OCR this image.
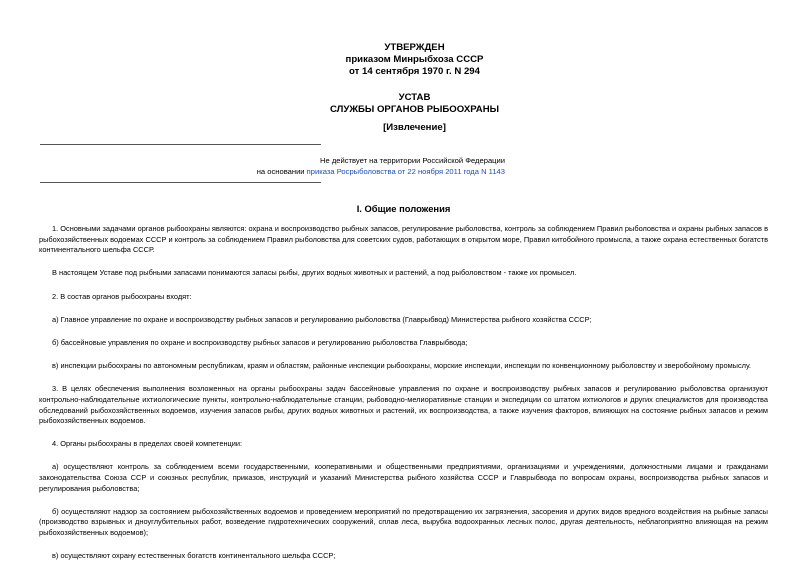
УТВЕРЖДЕН
приказом Минрыбхоза СССР
от 14 сентября 1970 г. N 294
УСТАВ
СЛУЖБЫ ОРГАНОВ РЫБООХРАНЫ
[Извлечение]
Не действует на территории Российской Федерации
на основании приказа Росрыболовства от 22 ноября 2011 года N 1143
I. Общие положения

1. Основными задачами органов рыбоохраны являются: охрана и воспроизводство рыбных запасов, регулирование рыболовства, контроль за соблюдением Правил рыболовства и охраны рыбных запасов в рыбохозяйственных водоемах СССР и контроль за соблюдением Правил рыболовства для советских судов, работающих в открытом море, Правил китобойного промысла, а также охрана естественных богатств континентального шельфа СССР.

В настоящем Уставе под рыбными запасами понимаются запасы рыбы, других водных животных и растений, а под рыболовством - также их промысел.

2. В состав органов рыбоохраны входят:

а) Главное управление по охране и воспроизводству рыбных запасов и регулированию рыболовства (Главрыбвод) Министерства рыбного хозяйства СССР;

б) бассейновые управления по охране и воспроизводству рыбных запасов и регулированию рыболовства Главрыбвода;

в) инспекции рыбоохраны по автономным республикам, краям и областям, районные инспекции рыбоохраны, морские инспекции, инспекции по конвенционному рыболовству и зверобойному промыслу.

3. В целях обеспечения выполнения возложенных на органы рыбоохраны задач бассейновые управления по охране и воспроизводству рыбных запасов и регулированию рыболовства организуют контрольно-наблюдательные ихтиологические пункты, контрольно-наблюдательные станции, рыбоводно-мелиоративные станции и экспедиции со штатом ихтиологов и других специалистов для производства обследований рыбохозяйственных водоемов, изучения запасов рыбы, других водных животных и растений, их воспроизводства, а также изучения факторов, влияющих на состояние рыбных запасов и режим рыбохозяйственных водоемов.

4. Органы рыбоохраны в пределах своей компетенции:

а) осуществляют контроль за соблюдением всеми государственными, кооперативными и общественными предприятиями, организациями и учреждениями, должностными лицами и гражданами законодательства Союза ССР и союзных республик, приказов, инструкций и указаний Министерства рыбного хозяйства СССР и Главрыбвода по вопросам охраны, воспроизводства рыбных запасов и регулирования рыболовства;

б) осуществляют надзор за состоянием рыбохозяйственных водоемов и проведением мероприятий по предотвращению их загрязнения, засорения и других видов вредного воздействия на рыбные запасы (производство взрывных и дноуглубительных работ, возведение гидротехнических сооружений, сплав леса, вырубка водоохранных лесных полос, другая деятельность, неблагоприятно влияющая на режим рыбохозяйственных водоемов);

в) осуществляют охрану естественных богатств континентального шельфа СССР;
